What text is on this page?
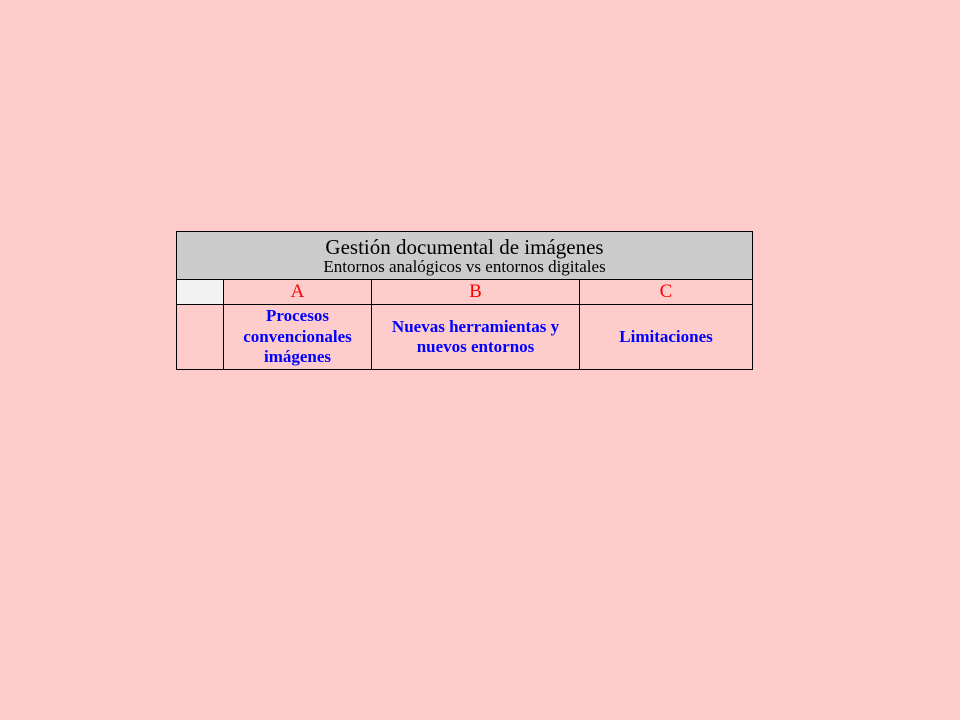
Gestión documental de imágenes
Entornos analógicos vs entornos digitales			

	A	B	C

	Procesos
convencionales
imágenes	Nuevas herramientas y
nuevos entornos	Limitaciones
